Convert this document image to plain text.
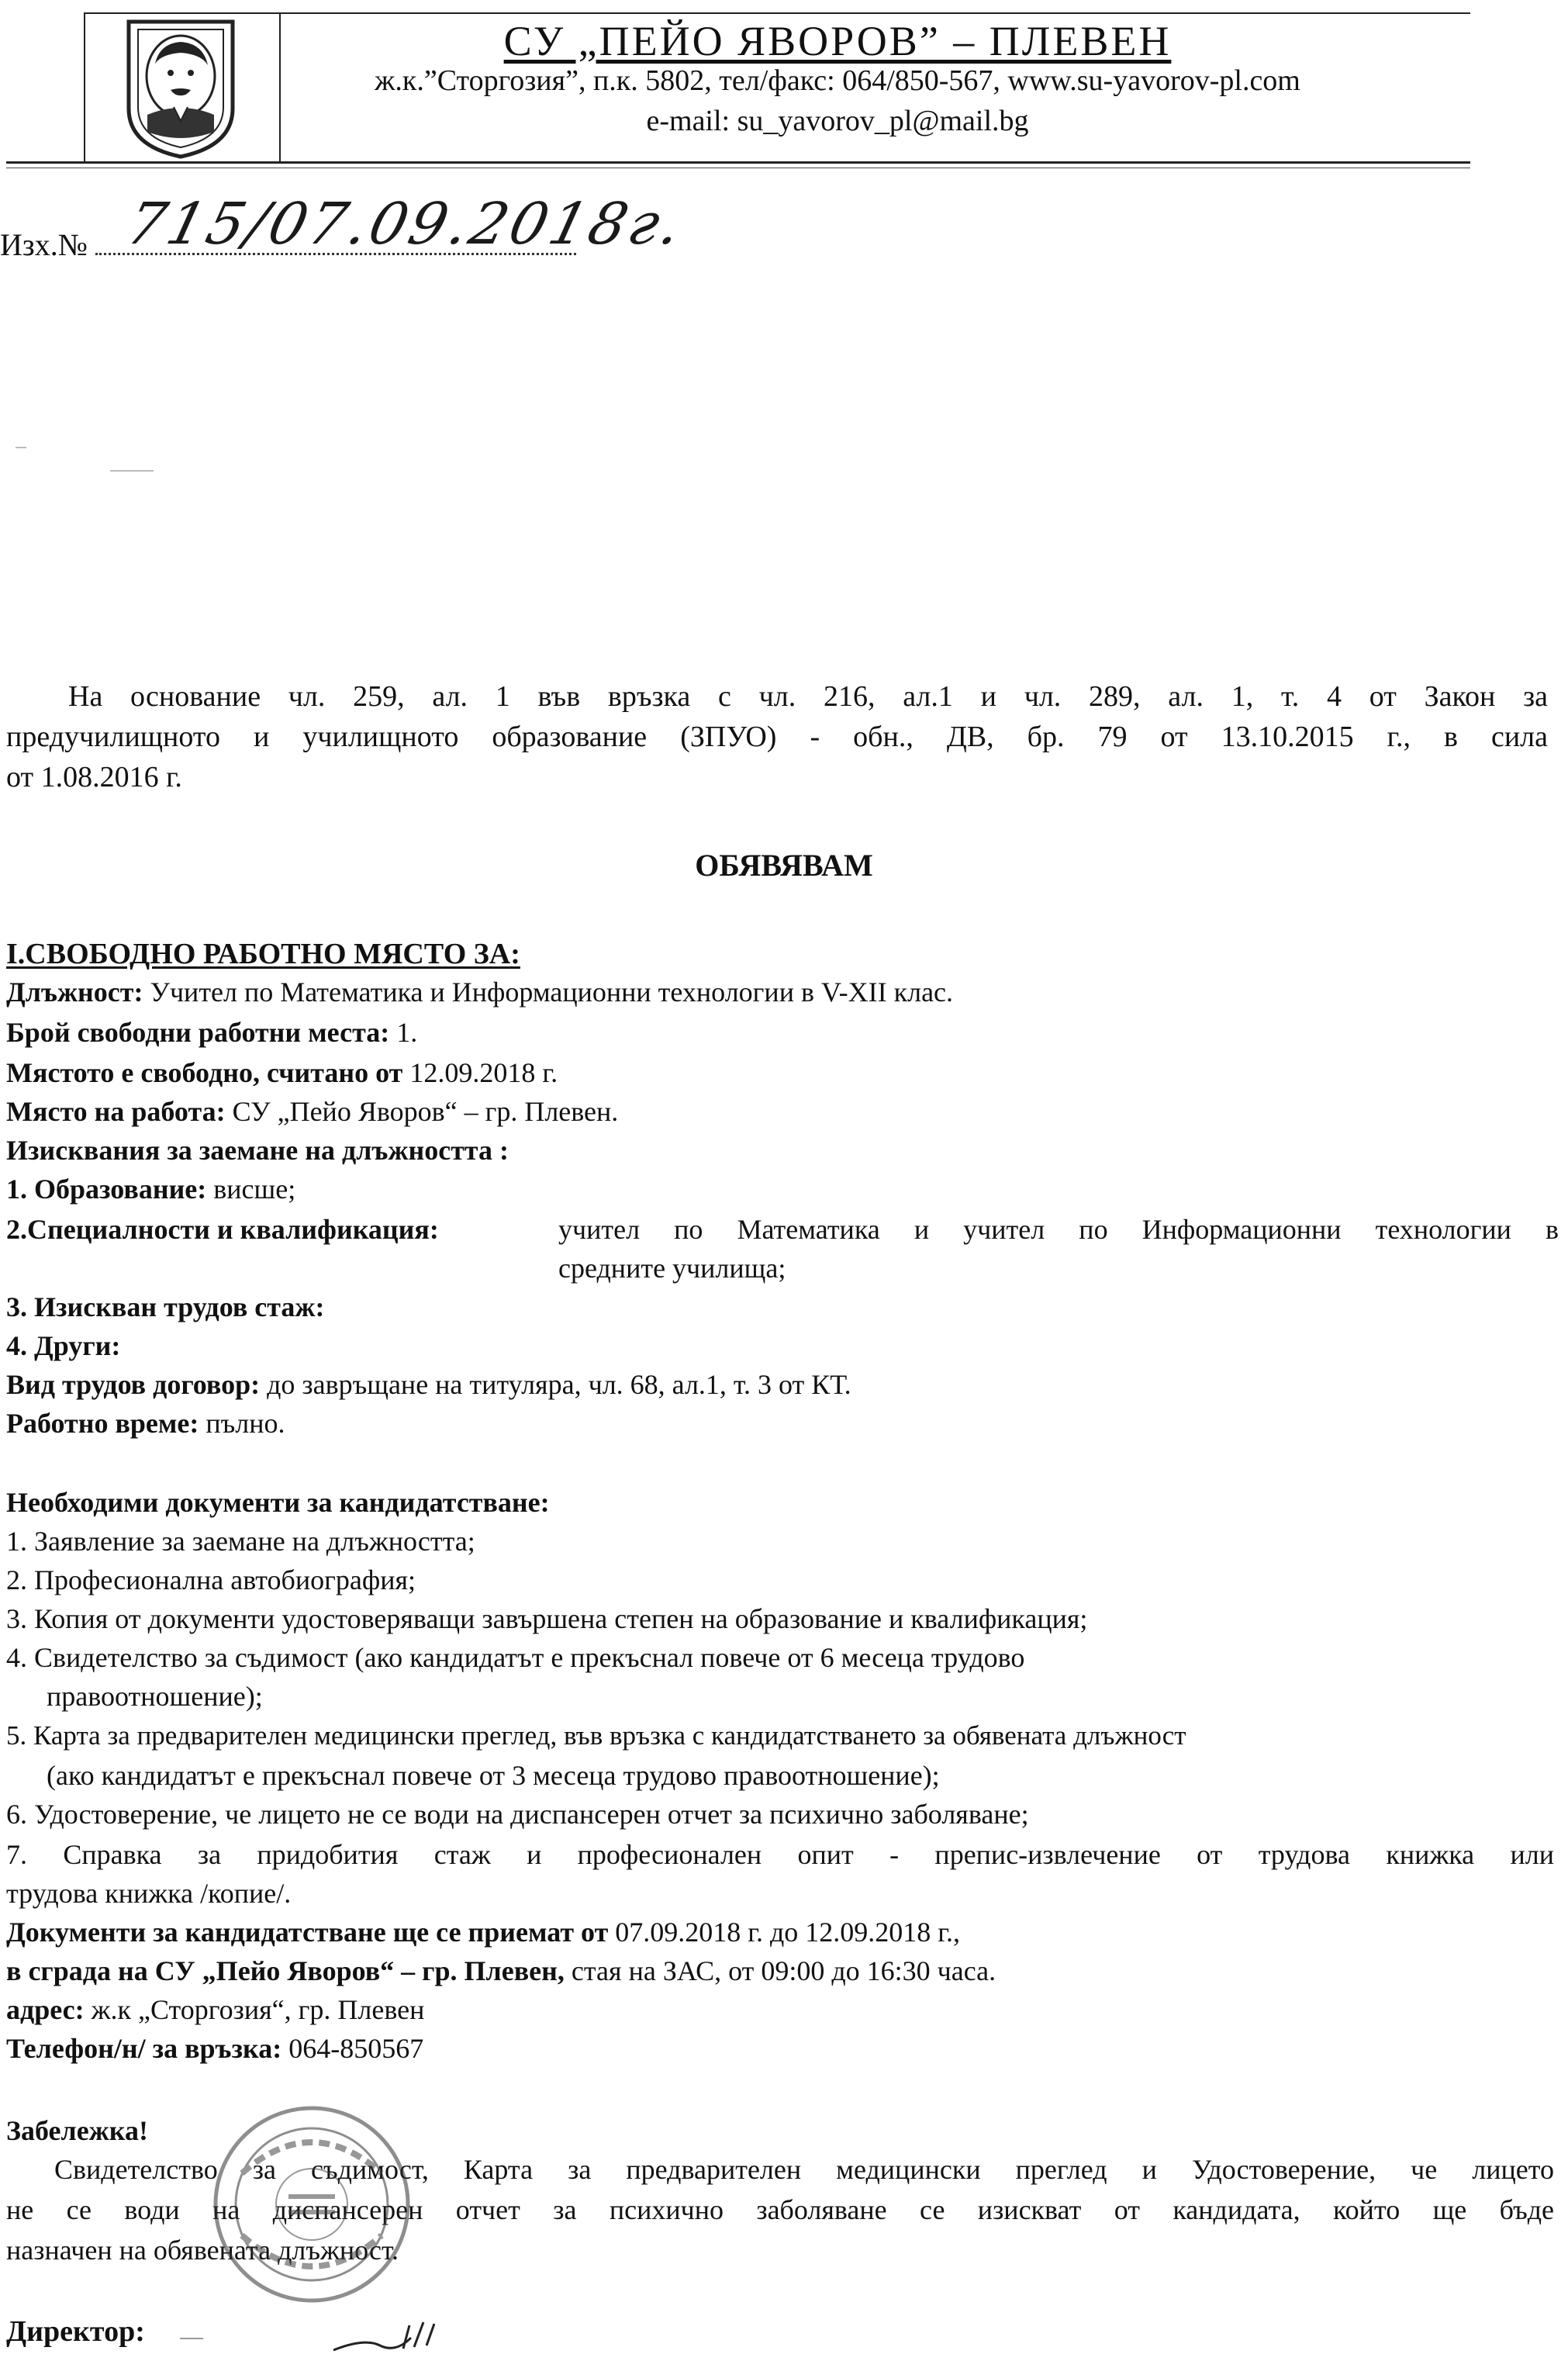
СУ „ПЕЙО ЯВОРОВ” – ПЛЕВЕН
ж.к.”Сторгозия”, п.к. 5802, тел/факс: 064/850-567, www.su-yavorov-pl.com
e-mail: su_yavorov_pl@mail.bg
Изх.№ 715/07.09.2018г.
На основание чл. 259, ал. 1 във връзка с чл. 216, ал.1 и чл. 289, ал. 1, т. 4 от Закон за
предучилищното и училищното образование (ЗПУО) - обн., ДВ, бр. 79 от 13.10.2015 г., в сила
от 1.08.2016 г.
ОБЯВЯВАМ
I.СВОБОДНО РАБОТНО МЯСТО ЗА:
Длъжност: Учител по Математика и Информационни технологии в V-XII клас.
Брой свободни работни места: 1.
Мястото е свободно, считано от 12.09.2018 г.
Място на работа: СУ „Пейо Яворов“ – гр. Плевен.
Изисквания за заемане на длъжността :
1. Образование: висше;
2.Специалности и квалификация:	учител по Математика и учител по Информационни технологии в
средните училища;
3. Изискван трудов стаж:
4. Други:
Вид трудов договор: до завръщане на титуляра, чл. 68, ал.1, т. 3 от КТ.
Работно време: пълно.
Необходими документи за кандидатстване:
1. Заявление за заемане на длъжността;
2. Професионална автобиография;
3. Копия от документи удостоверяващи завършена степен на образование и квалификация;
4. Свидетелство за съдимост (ако кандидатът е прекъснал повече от 6 месеца трудово
правоотношение);
5. Карта за предварителен медицински преглед, във връзка с кандидатстването за обявената длъжност
(ако кандидатът е прекъснал повече от 3 месеца трудово правоотношение);
6. Удостоверение, че лицето не се води на диспансерен отчет за психично заболяване;
7. Справка за придобития стаж и професионален опит - препис-извлечение от трудова книжка или
трудова книжка /копие/.
Документи за кандидатстване ще се приемат от 07.09.2018 г. до 12.09.2018 г.,
в сграда на СУ „Пейо Яворов“ – гр. Плевен, стая на ЗАС, от 09:00 до 16:30 часа.
адрес: ж.к „Сторгозия“, гр. Плевен
Телефон/н/ за връзка: 064-850567
Забележка!
Свидетелство за съдимост, Карта за предварителен медицински преглед и Удостоверение, че лицето
не се води на диспансерен отчет за психично заболяване се изискват от кандидата, който ще бъде
назначен на обявената длъжност.
Директор:
